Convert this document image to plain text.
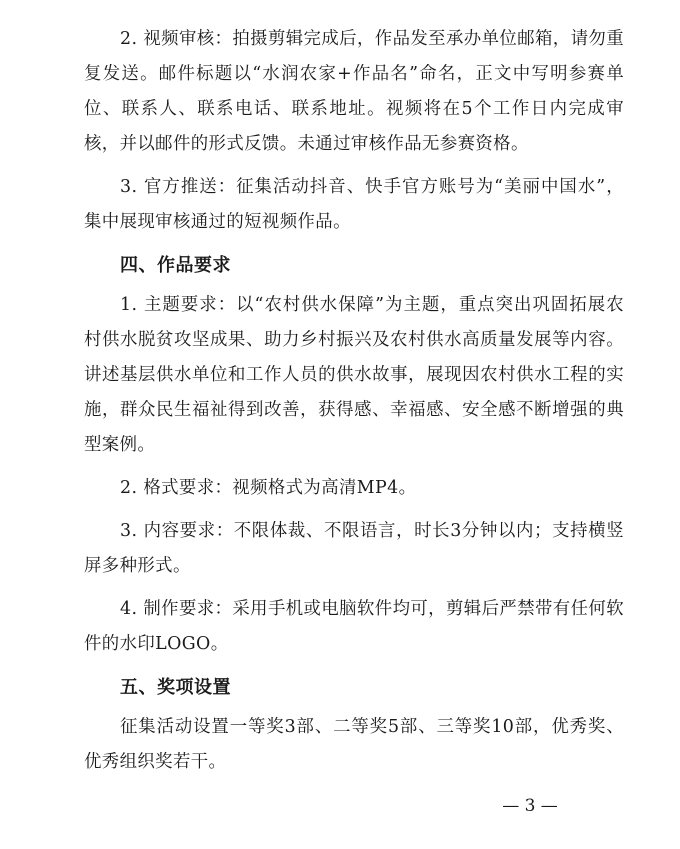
2. 视频审核：拍摄剪辑完成后，作品发至承办单位邮箱，请勿重复发送。邮件标题以“水润农家+作品名”命名，正文中写明参赛单位、联系人、联系电话、联系地址。视频将在5个工作日内完成审核，并以邮件的形式反馈。未通过审核作品无参赛资格。

3. 官方推送：征集活动抖音、快手官方账号为“美丽中国水”，集中展现审核通过的短视频作品。

四、作品要求

1. 主题要求：以“农村供水保障”为主题，重点突出巩固拓展农村供水脱贫攻坚成果、助力乡村振兴及农村供水高质量发展等内容。讲述基层供水单位和工作人员的供水故事，展现因农村供水工程的实施，群众民生福祉得到改善，获得感、幸福感、安全感不断增强的典型案例。

2. 格式要求：视频格式为高清MP4。

3. 内容要求：不限体裁、不限语言，时长3分钟以内；支持横竖屏多种形式。

4. 制作要求：采用手机或电脑软件均可，剪辑后严禁带有任何软件的水印LOGO。

五、奖项设置

征集活动设置一等奖3部、二等奖5部、三等奖10部，优秀奖、优秀组织奖若干。

— 3 —
